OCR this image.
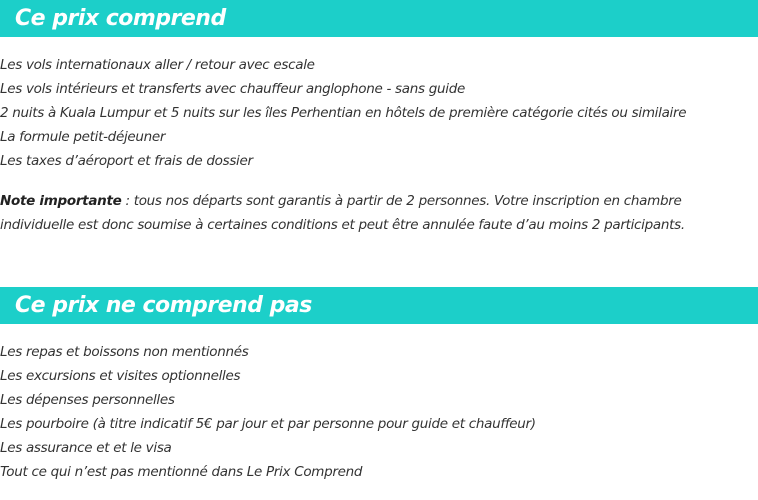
Ce prix comprend
Les vols internationaux aller / retour avec escale
Les vols intérieurs et transferts avec chauffeur anglophone - sans guide
2 nuits à Kuala Lumpur et 5 nuits sur les îles Perhentian en hôtels de première catégorie cités ou similaire
La formule petit-déjeuner
Les taxes d’aéroport et frais de dossier

Note importante : tous nos départs sont garantis à partir de 2 personnes. Votre inscription en chambre individuelle est donc soumise à certaines conditions et peut être annulée faute d’au moins 2 participants.

Ce prix ne comprend pas
Les repas et boissons non mentionnés
Les excursions et visites optionnelles
Les dépenses personnelles
Les pourboire (à titre indicatif 5€ par jour et par personne pour guide et chauffeur)
Les assurance et et le visa
Tout ce qui n’est pas mentionné dans Le Prix Comprend
